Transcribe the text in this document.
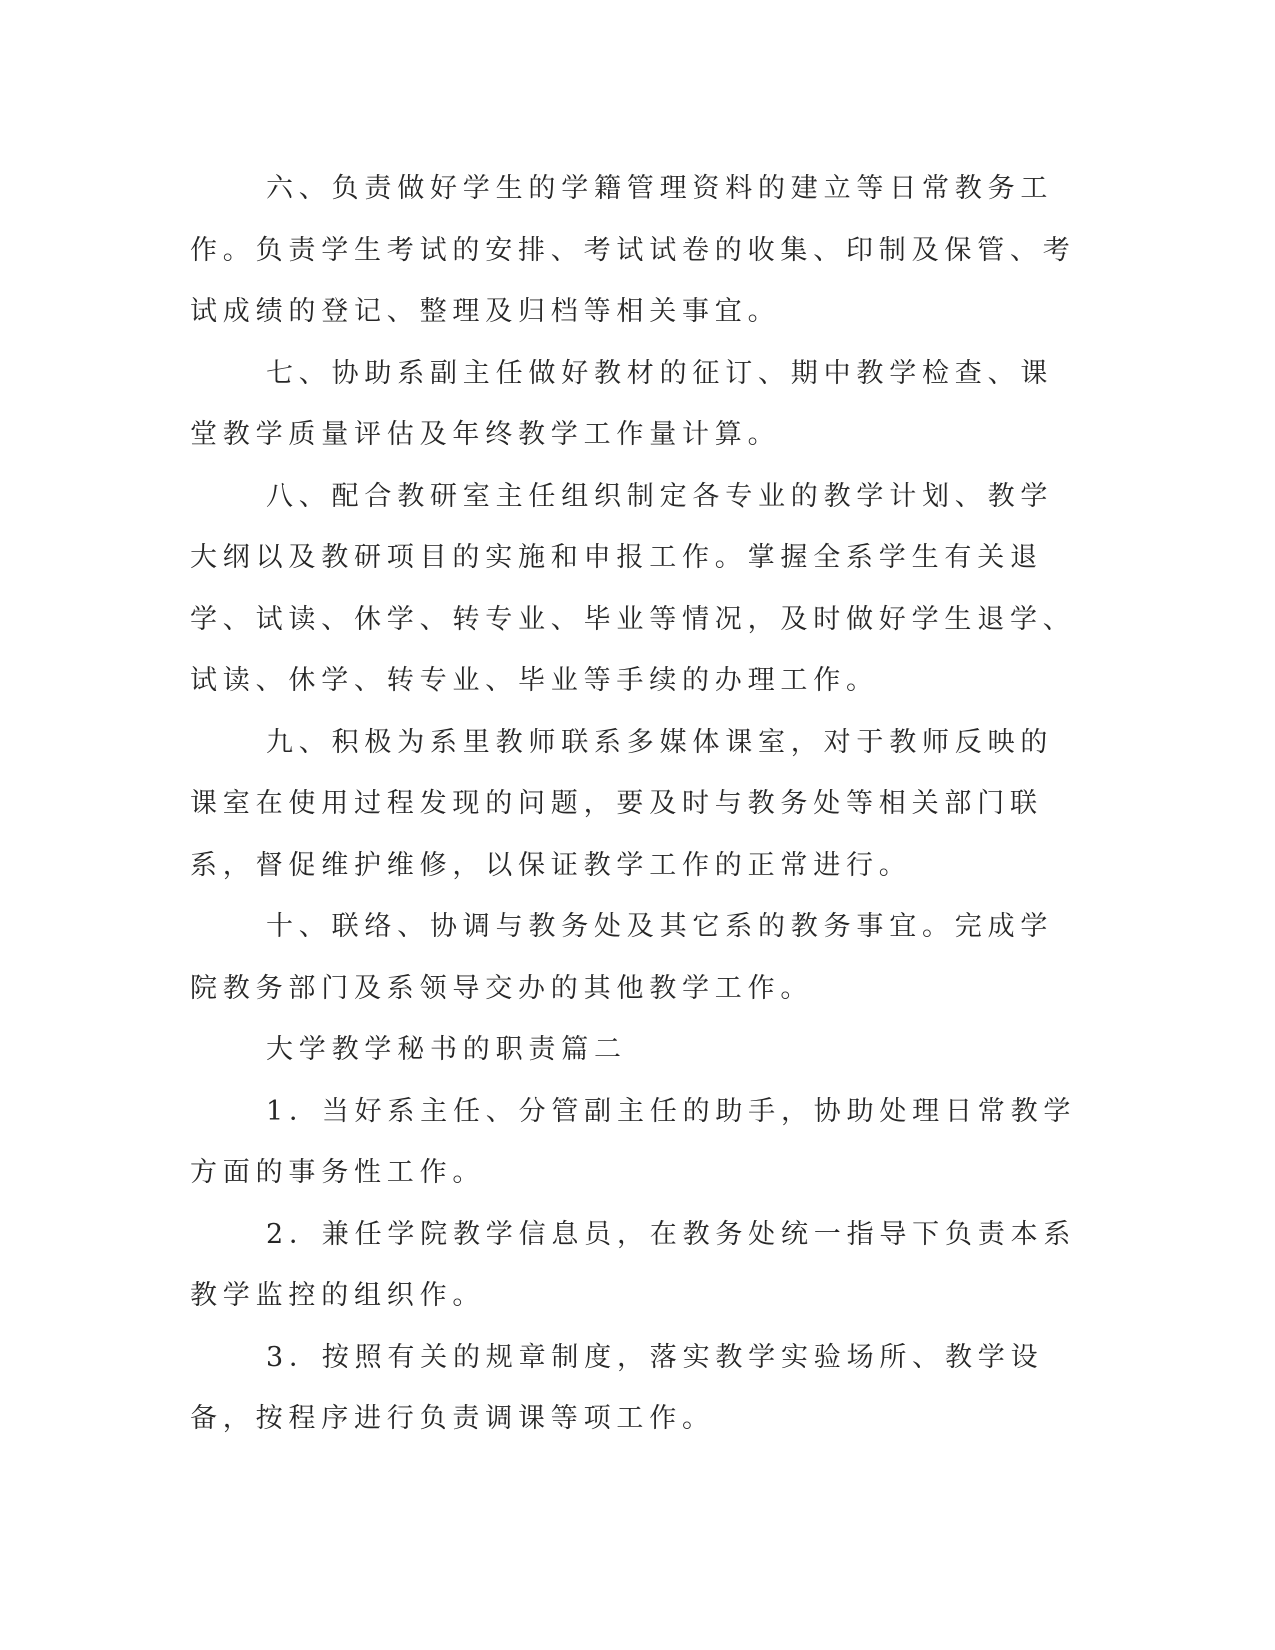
六、负责做好学生的学籍管理资料的建立等日常教务工作。负责学生考试的安排、考试试卷的收集、印制及保管、考试成绩的登记、整理及归档等相关事宜。

七、协助系副主任做好教材的征订、期中教学检查、课堂教学质量评估及年终教学工作量计算。

八、配合教研室主任组织制定各专业的教学计划、教学大纲以及教研项目的实施和申报工作。掌握全系学生有关退学、试读、休学、转专业、毕业等情况，及时做好学生退学、试读、休学、转专业、毕业等手续的办理工作。

九、积极为系里教师联系多媒体课室，对于教师反映的课室在使用过程发现的问题，要及时与教务处等相关部门联系，督促维护维修，以保证教学工作的正常进行。

十、联络、协调与教务处及其它系的教务事宜。完成学院教务部门及系领导交办的其他教学工作。

大学教学秘书的职责篇二

1．当好系主任、分管副主任的助手，协助处理日常教学方面的事务性工作。

2．兼任学院教学信息员，在教务处统一指导下负责本系教学监控的组织作。

3．按照有关的规章制度，落实教学实验场所、教学设备，按程序进行负责调课等项工作。
